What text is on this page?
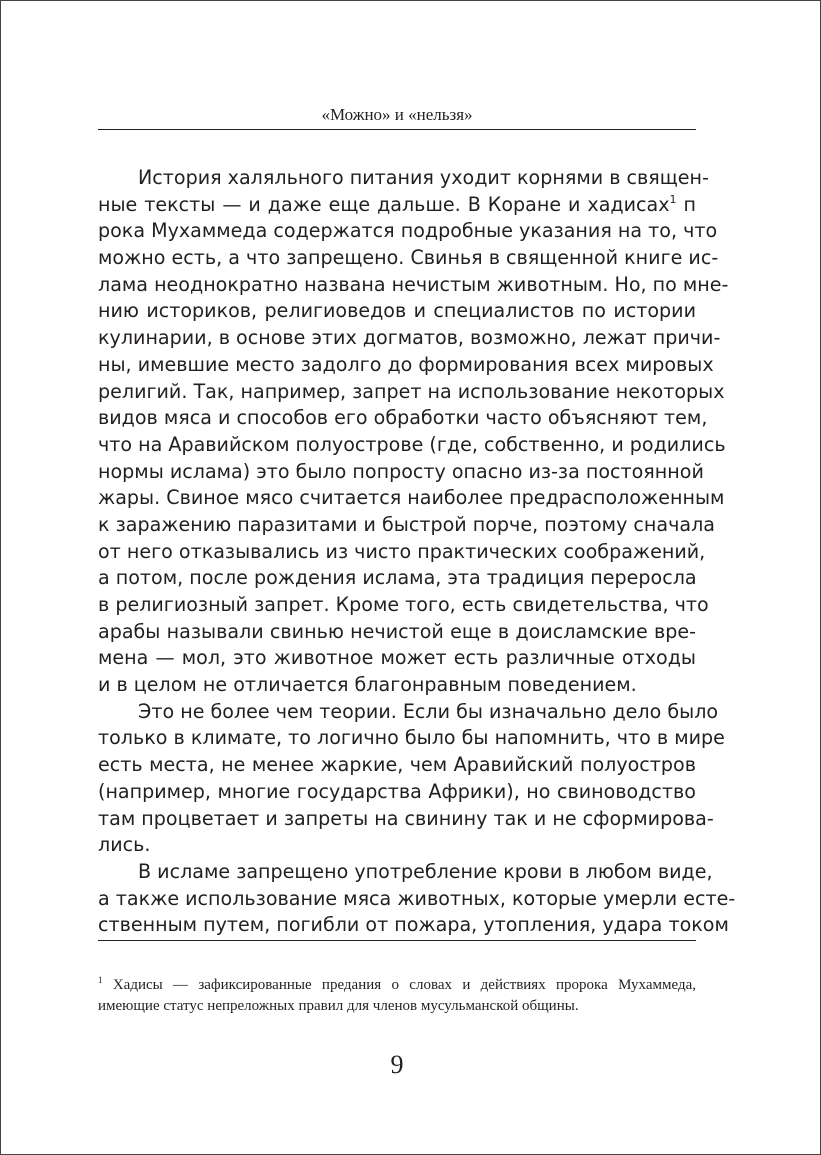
«Можно» и «нельзя»
История халяльного питания уходит корнями в священ-
ные тексты — и даже еще дальше. В Коране и хадисах$^1$ п
рока Мухаммеда содержатся подробные указания на то, что
можно есть, а что запрещено. Свинья в священной книге ис-
лама неоднократно названа нечистым животным. Но, по мне-
нию историков, религиоведов и специалистов по истории
кулинарии, в основе этих догматов, возможно, лежат причи-
ны, имевшие место задолго до формирования всех мировых
религий. Так, например, запрет на использование некоторых
видов мяса и способов его обработки часто объясняют тем,
что на Аравийском полуострове (где, собственно, и родились
нормы ислама) это было попросту опасно из-за постоянной
жары. Свиное мясо считается наиболее предрасположенным
к заражению паразитами и быстрой порче, поэтому сначала
от него отказывались из чисто практических соображений,
а потом, после рождения ислама, эта традиция переросла
в религиозный запрет. Кроме того, есть свидетельства, что
арабы называли свинью нечистой еще в доисламские вре-
мена — мол, это животное может есть различные отходы
и в целом не отличается благонравным поведением.
Это не более чем теории. Если бы изначально дело было
только в климате, то логично было бы напомнить, что в мире
есть места, не менее жаркие, чем Аравийский полуостров
(например, многие государства Африки), но свиноводство
там процветает и запреты на свинину так и не сформирова-
лись.
В исламе запрещено употребление крови в любом виде,
а также использование мяса животных, которые умерли есте-
ственным путем, погибли от пожара, утопления, удара током
$^1$ Хадисы — зафиксированные предания о словах и действиях пророка Мухаммеда,
имеющие статус непреложных правил для членов мусульманской общины.
9
